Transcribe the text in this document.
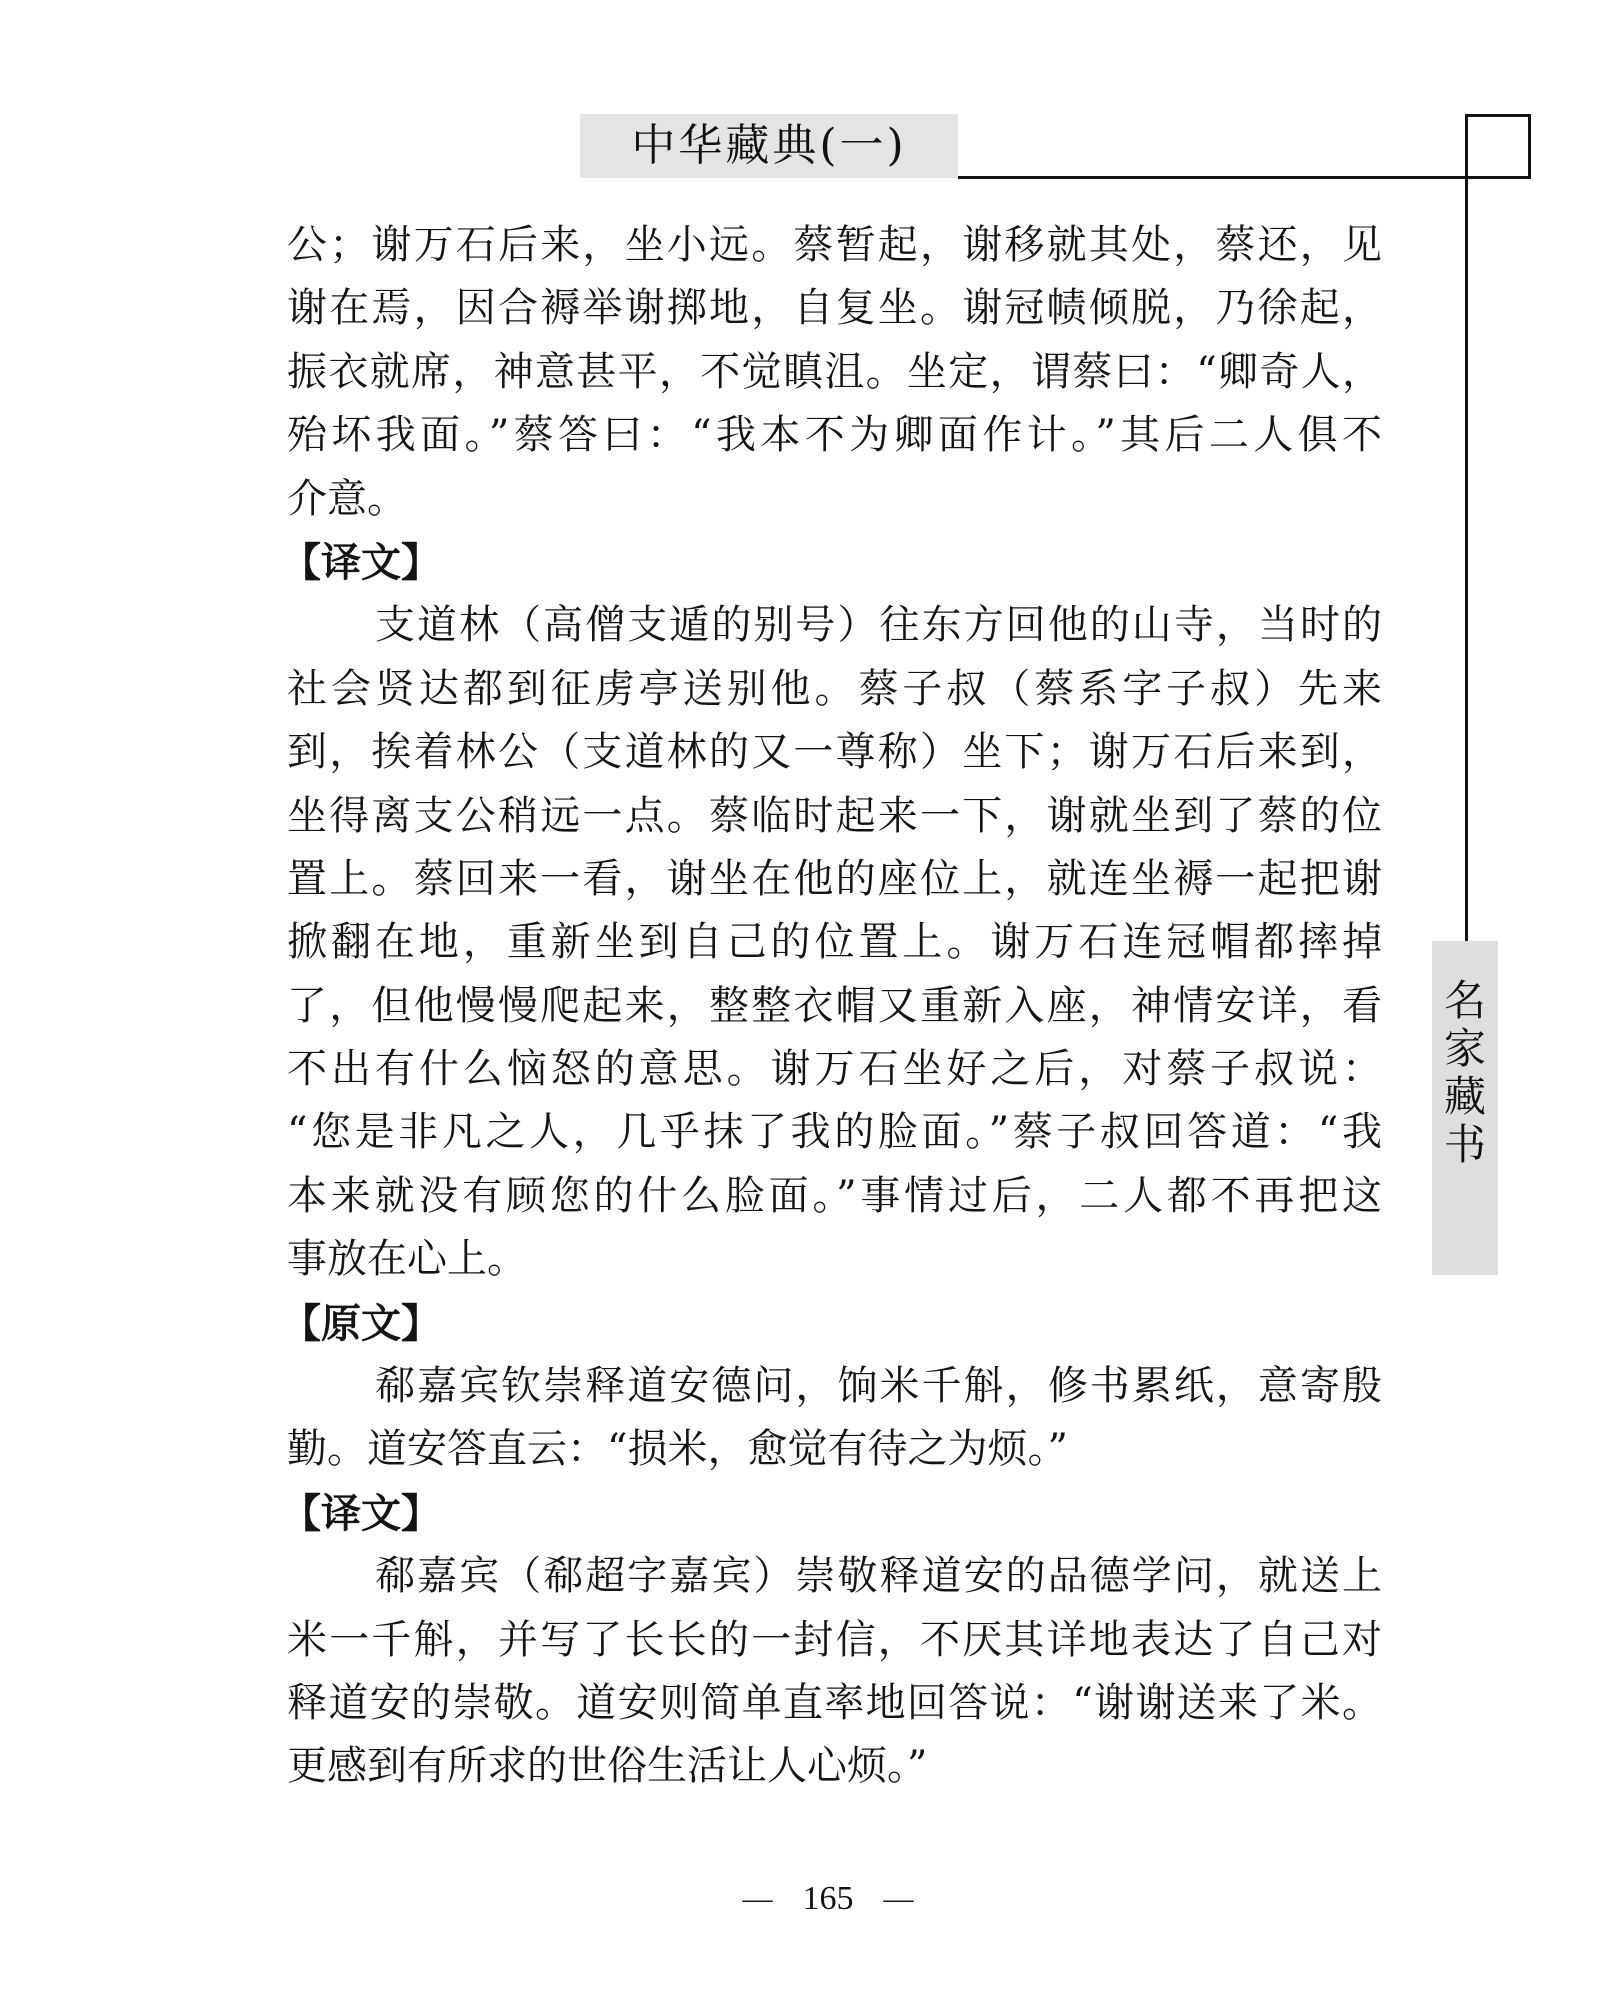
中华藏典(一)
名家藏书
公；谢万石后来，坐小远。蔡暂起，谢移就其处，蔡还，见
谢在焉，因合褥举谢掷地，自复坐。谢冠帻倾脱，乃徐起，
振衣就席，神意甚平，不觉瞋沮。坐定，谓蔡曰：“卿奇人，
殆坏我面。”蔡答曰：“我本不为卿面作计。”其后二人俱不
介意。
【译文】
支道林（高僧支遁的别号）往东方回他的山寺，当时的
社会贤达都到征虏亭送别他。蔡子叔（蔡系字子叔）先来
到，挨着林公（支道林的又一尊称）坐下；谢万石后来到，
坐得离支公稍远一点。蔡临时起来一下，谢就坐到了蔡的位
置上。蔡回来一看，谢坐在他的座位上，就连坐褥一起把谢
掀翻在地，重新坐到自己的位置上。谢万石连冠帽都摔掉
了，但他慢慢爬起来，整整衣帽又重新入座，神情安详，看
不出有什么恼怒的意思。谢万石坐好之后，对蔡子叔说：
“您是非凡之人，几乎抹了我的脸面。”蔡子叔回答道：“我
本来就没有顾您的什么脸面。”事情过后，二人都不再把这
事放在心上。
【原文】
郗嘉宾钦崇释道安德问，饷米千斛，修书累纸，意寄殷
勤。道安答直云：“损米，愈觉有待之为烦。”
【译文】
郗嘉宾（郗超字嘉宾）崇敬释道安的品德学问，就送上
米一千斛，并写了长长的一封信，不厌其详地表达了自己对
释道安的崇敬。道安则简单直率地回答说：“谢谢送来了米。
更感到有所求的世俗生活让人心烦。”
— 165 —
